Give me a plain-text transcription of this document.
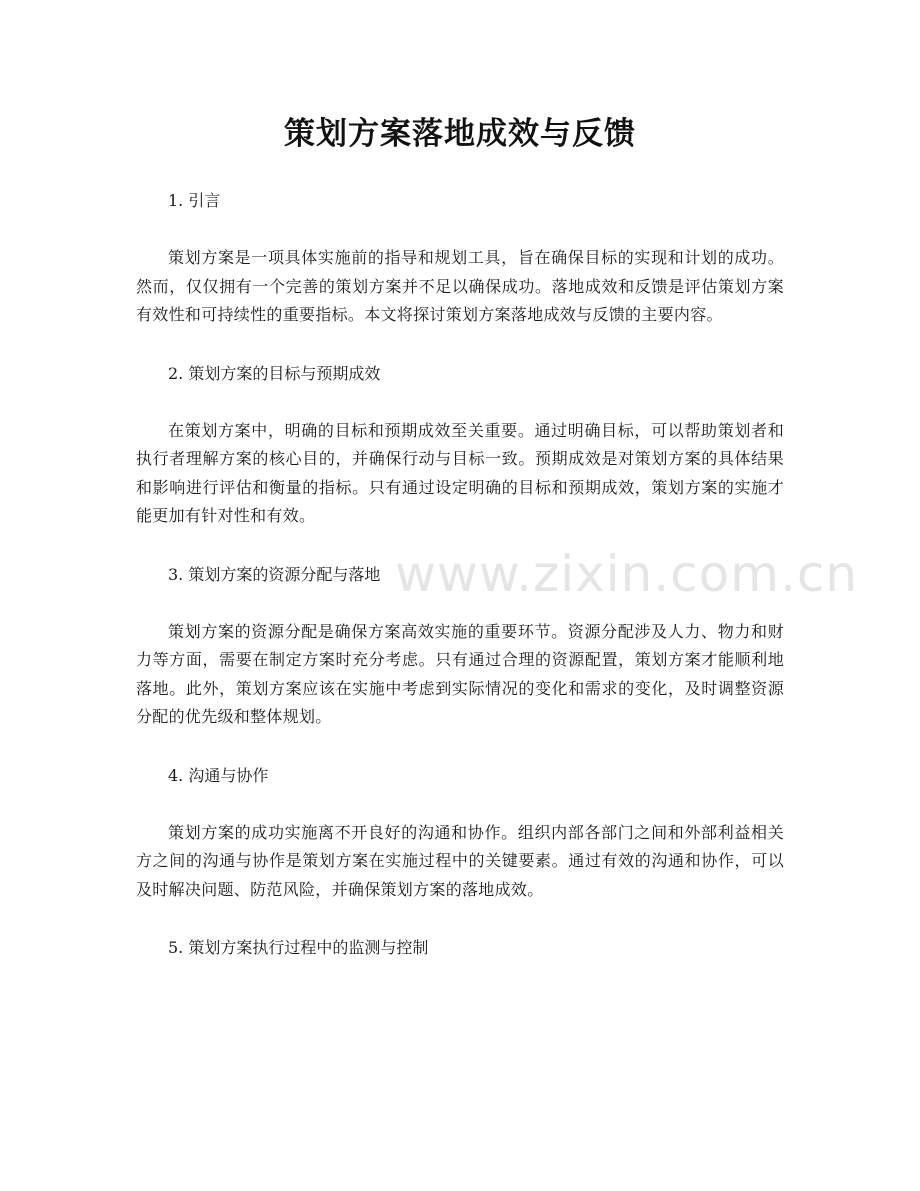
策划方案落地成效与反馈
www.zixin.com.cn

1. 引言

策划方案是一项具体实施前的指导和规划工具，旨在确保目标的实现和计划的成功。然而，仅仅拥有一个完善的策划方案并不足以确保成功。落地成效和反馈是评估策划方案有效性和可持续性的重要指标。本文将探讨策划方案落地成效与反馈的主要内容。

2. 策划方案的目标与预期成效

在策划方案中，明确的目标和预期成效至关重要。通过明确目标，可以帮助策划者和执行者理解方案的核心目的，并确保行动与目标一致。预期成效是对策划方案的具体结果和影响进行评估和衡量的指标。只有通过设定明确的目标和预期成效，策划方案的实施才能更加有针对性和有效。

3. 策划方案的资源分配与落地

策划方案的资源分配是确保方案高效实施的重要环节。资源分配涉及人力、物力和财力等方面，需要在制定方案时充分考虑。只有通过合理的资源配置，策划方案才能顺利地落地。此外，策划方案应该在实施中考虑到实际情况的变化和需求的变化，及时调整资源分配的优先级和整体规划。

4. 沟通与协作

策划方案的成功实施离不开良好的沟通和协作。组织内部各部门之间和外部利益相关方之间的沟通与协作是策划方案在实施过程中的关键要素。通过有效的沟通和协作，可以及时解决问题、防范风险，并确保策划方案的落地成效。

5. 策划方案执行过程中的监测与控制
